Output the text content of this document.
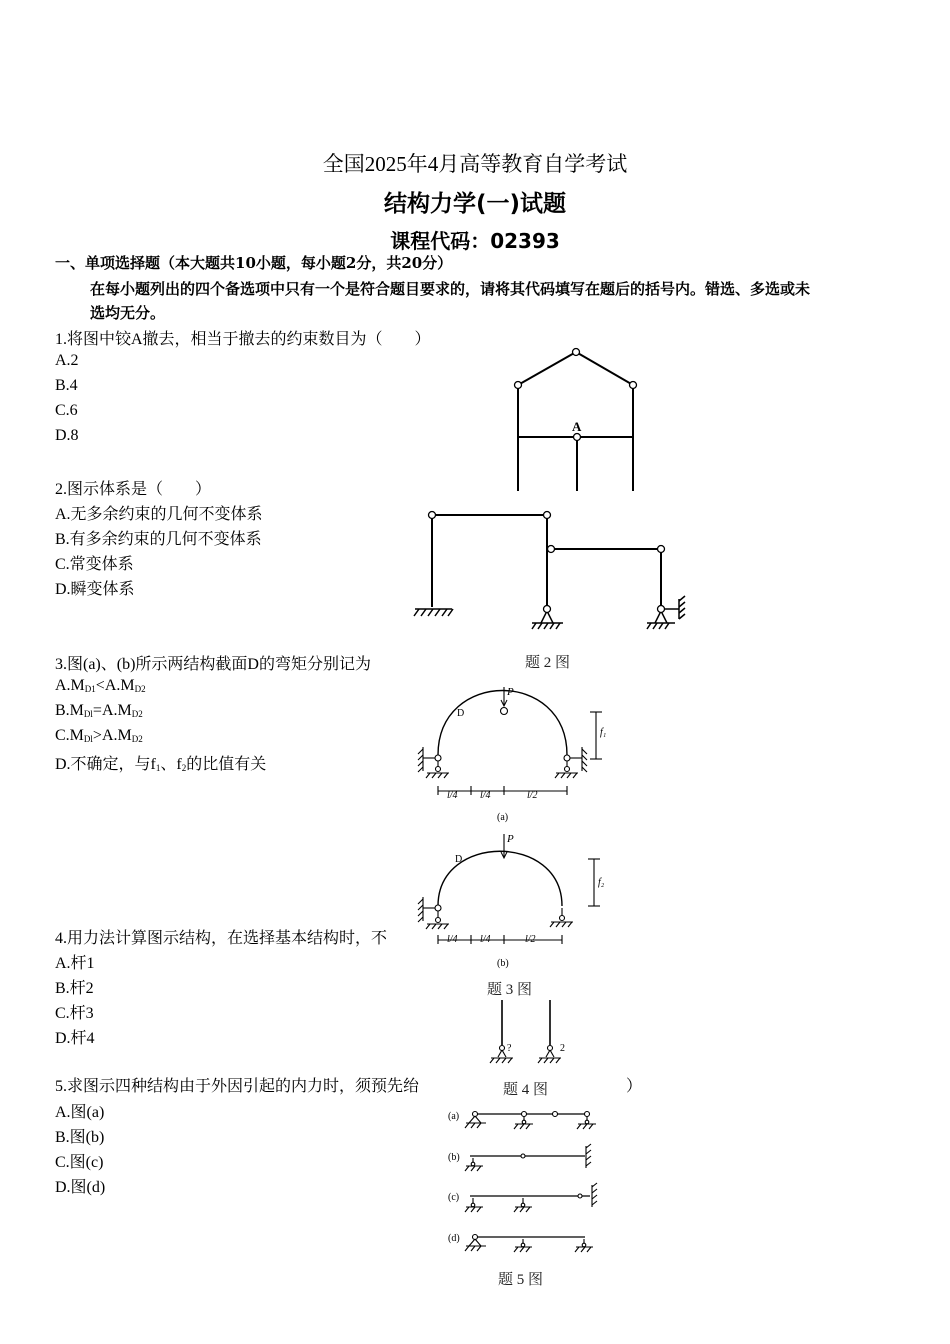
全国2025年4月高等教育自学考试
结构力学(一)试题
课程代码：02393
一、单项选择题（本大题共10小题，每小题2分，共20分）
在每小题列出的四个备选项中只有一个是符合题目要求的，请将其代码填写在题后的括号内。错选、多选或未
选均无分。
1.将图中铰A撤去，相当于撤去的约束数目为（　　）
A.2
B.4
C.6
D.8
2.图示体系是（　　）
A.无多余约束的几何不变体系
B.有多余约束的几何不变体系
C.常变体系
D.瞬变体系
3.图(a)、(b)所示两结构截面D的弯矩分别记为
$A.M_{D1}<A.M_{D2}$
$B.M_{Dl}=A.M_{D2}$
$C.M_{Dl}>A.M_{D2}$
D.不确定，与$f_1$、$f_2$的比值有关
4.用力法计算图示结构，在选择基本结构时，不
A.杆1
B.杆2
C.杆3
D.杆4
5.求图示四种结构由于外因引起的内力时，须预先绐	）
A.图(a)
B.图(b)
C.图(c)
D.图(d)
A
题 2 图
P
D
f₁
l/4 l/4	l/2
(a)
P
D
f₂
l/4 l/4	l/2
(b)
题 3 图
?	2
题 4 图
(a)
(b)
(c)
(d)
题 5 图
